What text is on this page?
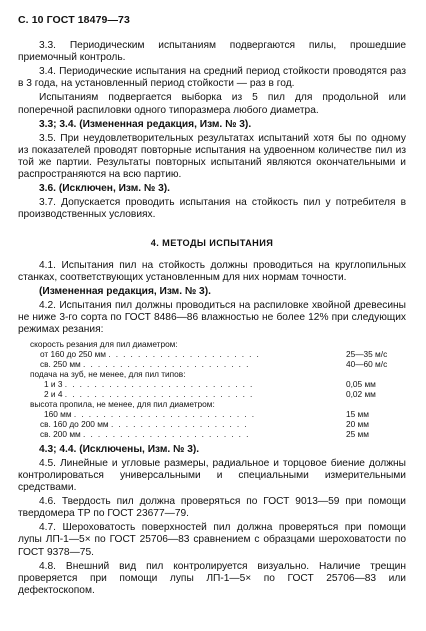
С. 10 ГОСТ 18479—73

3.3. Периодическим испытаниям подвергаются пилы, прошедшие приемочный контроль.

3.4. Периодические испытания на средний период стойкости проводятся раз в 3 года, на установленный период стойкости — раз в год.

Испытаниям подвергается выборка из 5 пил для продольной или поперечной распиловки одного типоразмера любого диаметра.

3.3; 3.4. (Измененная редакция, Изм. № 3).

3.5. При неудовлетворительных результатах испытаний хотя бы по одному из показателей проводят повторные испытания на удвоенном количестве пил из той же партии. Результаты повторных испытаний являются окончательными и распространяются на всю партию.

3.6. (Исключен, Изм. № 3).

3.7. Допускается проводить испытания на стойкость пил у потребителя в производственных условиях.

4. МЕТОДЫ ИСПЫТАНИЯ

4.1. Испытания пил на стойкость должны проводиться на круглопильных станках, соответствующих установленным для них нормам точности.

(Измененная редакция, Изм. № 3).

4.2. Испытания пил должны проводиться на распиловке хвойной древесины не ниже 3-го сорта по ГОСТ 8486—86 влажностью не более 12% при следующих режимах резания:

скорость резания для пил диаметром:
от 160 до 250 мм . . . . . . . . . . . . . . . . . . . . .	25—35 м/с
св. 250 мм . . . . . . . . . . . . . . . . . . . . . . .	40—60 м/с
подача на зуб, не менее, для пил типов:
1 и 3 . . . . . . . . . . . . . . . . . . . . . . . . . .	0,05 мм
2 и 4 . . . . . . . . . . . . . . . . . . . . . . . . . .	0,02 мм
высота пропила, не менее, для пил диаметром:
160 мм . . . . . . . . . . . . . . . . . . . . . . . . .	15 мм
св. 160 до 200 мм . . . . . . . . . . . . . . . . . . .	20 мм
св. 200 мм . . . . . . . . . . . . . . . . . . . . . . .	25 мм

4.3; 4.4. (Исключены, Изм. № 3).

4.5. Линейные и угловые размеры, радиальное и торцовое биение должны контролироваться универсальными и специальными измерительными средствами.

4.6. Твердость пил должна проверяться по ГОСТ 9013—59 при помощи твердомера ТР по ГОСТ 23677—79.

4.7. Шероховатость поверхностей пил должна проверяться при помощи лупы ЛП-1—5× по ГОСТ 25706—83 сравнением с образцами шероховатости по ГОСТ 9378—75.

4.8. Внешний вид пил контролируется визуально. Наличие трещин проверяется при помощи лупы ЛП-1—5× по ГОСТ 25706—83 или дефектоскопом.
